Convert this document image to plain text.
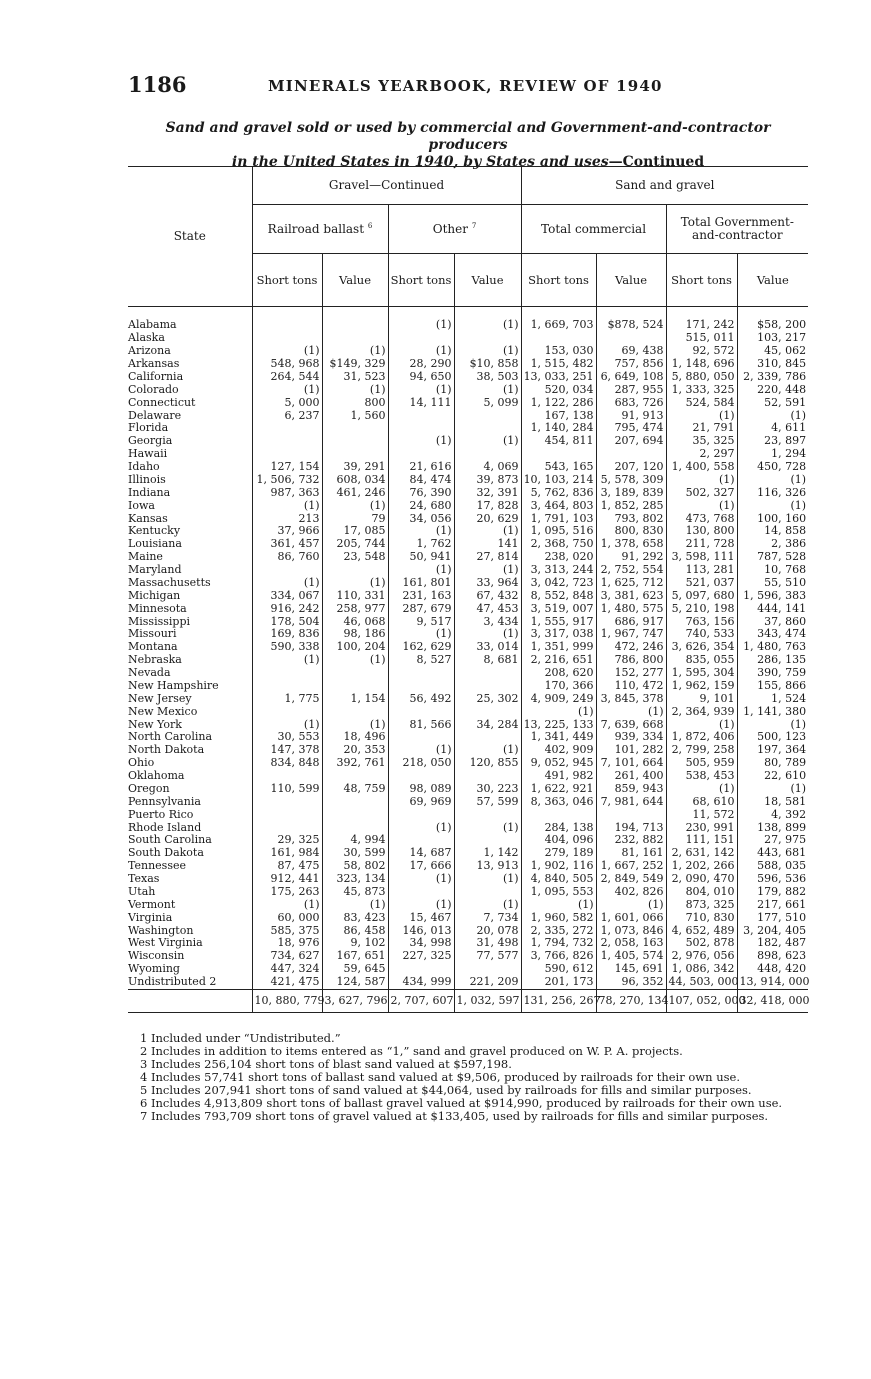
1186	MINERALS YEARBOOK, REVIEW OF 1940
Sand and gravel sold or used by commercial and Government-and-contractor producers
in the United States in 1940, by States and uses—Continued
State	Gravel—Continued				Sand and gravel			
	Railroad ballast $^6$		Other $^7$		Total commercial		Total Government-and-contractor	
	Short tons	Value	Short tons	Value	Short tons	Value	Short tons	Value

Alabama			(1)	(1)	1, 669, 703	$878, 524	171, 242	$58, 200
Alaska							515, 011	103, 217
Arizona	(1)	(1)	(1)	(1)	153, 030	69, 438	92, 572	45, 062
Arkansas	548, 968	$149, 329	28, 290	$10, 858	1, 515, 482	757, 856	1, 148, 696	310, 845
California	264, 544	31, 523	94, 650	38, 503	13, 033, 251	6, 649, 108	5, 880, 050	2, 339, 786
Colorado	(1)	(1)	(1)	(1)	520, 034	287, 955	1, 333, 325	220, 448
Connecticut	5, 000	800	14, 111	5, 099	1, 122, 286	683, 726	524, 584	52, 591
Delaware	6, 237	1, 560			167, 138	91, 913	(1)	(1)
Florida					1, 140, 284	795, 474	21, 791	4, 611
Georgia			(1)	(1)	454, 811	207, 694	35, 325	23, 897
Hawaii							2, 297	1, 294
Idaho	127, 154	39, 291	21, 616	4, 069	543, 165	207, 120	1, 400, 558	450, 728
Illinois	1, 506, 732	608, 034	84, 474	39, 873	10, 103, 214	5, 578, 309	(1)	(1)
Indiana	987, 363	461, 246	76, 390	32, 391	5, 762, 836	3, 189, 839	502, 327	116, 326
Iowa	(1)	(1)	24, 680	17, 828	3, 464, 803	1, 852, 285	(1)	(1)
Kansas	213	79	34, 056	20, 629	1, 791, 103	793, 802	473, 768	100, 160
Kentucky	37, 966	17, 085	(1)	(1)	1, 095, 516	800, 830	130, 800	14, 858
Louisiana	361, 457	205, 744	1, 762	141	2, 368, 750	1, 378, 658	211, 728	2, 386
Maine	86, 760	23, 548	50, 941	27, 814	238, 020	91, 292	3, 598, 111	787, 528
Maryland			(1)	(1)	3, 313, 244	2, 752, 554	113, 281	10, 768
Massachusetts	(1)	(1)	161, 801	33, 964	3, 042, 723	1, 625, 712	521, 037	55, 510
Michigan	334, 067	110, 331	231, 163	67, 432	8, 552, 848	3, 381, 623	5, 097, 680	1, 596, 383
Minnesota	916, 242	258, 977	287, 679	47, 453	3, 519, 007	1, 480, 575	5, 210, 198	444, 141
Mississippi	178, 504	46, 068	9, 517	3, 434	1, 555, 917	686, 917	763, 156	37, 860
Missouri	169, 836	98, 186	(1)	(1)	3, 317, 038	1, 967, 747	740, 533	343, 474
Montana	590, 338	100, 204	162, 629	33, 014	1, 351, 999	472, 246	3, 626, 354	1, 480, 763
Nebraska	(1)	(1)	8, 527	8, 681	2, 216, 651	786, 800	835, 055	286, 135
Nevada					208, 620	152, 277	1, 595, 304	390, 759
New Hampshire					170, 366	110, 472	1, 962, 159	155, 866
New Jersey	1, 775	1, 154	56, 492	25, 302	4, 909, 249	3, 845, 378	9, 101	1, 524
New Mexico					(1)	(1)	2, 364, 939	1, 141, 380
New York	(1)	(1)	81, 566	34, 284	13, 225, 133	7, 639, 668	(1)	(1)
North Carolina	30, 553	18, 496			1, 341, 449	939, 334	1, 872, 406	500, 123
North Dakota	147, 378	20, 353	(1)	(1)	402, 909	101, 282	2, 799, 258	197, 364
Ohio	834, 848	392, 761	218, 050	120, 855	9, 052, 945	7, 101, 664	505, 959	80, 789
Oklahoma					491, 982	261, 400	538, 453	22, 610
Oregon	110, 599	48, 759	98, 089	30, 223	1, 622, 921	859, 943	(1)	(1)
Pennsylvania			69, 969	57, 599	8, 363, 046	7, 981, 644	68, 610	18, 581
Puerto Rico							11, 572	4, 392
Rhode Island			(1)	(1)	284, 138	194, 713	230, 991	138, 899
South Carolina	29, 325	4, 994			404, 096	232, 882	111, 151	27, 975
South Dakota	161, 984	30, 599	14, 687	1, 142	279, 189	81, 161	2, 631, 142	443, 681
Tennessee	87, 475	58, 802	17, 666	13, 913	1, 902, 116	1, 667, 252	1, 202, 266	588, 035
Texas	912, 441	323, 134	(1)	(1)	4, 840, 505	2, 849, 549	2, 090, 470	596, 536
Utah	175, 263	45, 873			1, 095, 553	402, 826	804, 010	179, 882
Vermont	(1)	(1)	(1)	(1)	(1)	(1)	873, 325	217, 661
Virginia	60, 000	83, 423	15, 467	7, 734	1, 960, 582	1, 601, 066	710, 830	177, 510
Washington	585, 375	86, 458	146, 013	20, 078	2, 335, 272	1, 073, 846	4, 652, 489	3, 204, 405
West Virginia	18, 976	9, 102	34, 998	31, 498	1, 794, 732	2, 058, 163	502, 878	182, 487
Wisconsin	734, 627	167, 651	227, 325	77, 577	3, 766, 826	1, 405, 574	2, 976, 056	898, 623
Wyoming	447, 324	59, 645			590, 612	145, 691	1, 086, 342	448, 420
Undistributed 2	421, 475	124, 587	434, 999	221, 209	201, 173	96, 352	44, 503, 000	13, 914, 000
	10, 880, 779	3, 627, 796	2, 707, 607	1, 032, 597	131, 256, 267	78, 270, 134	107, 052, 000	32, 418, 000
1 Included under “Undistributed.”
2 Includes in addition to items entered as “1,” sand and gravel produced on W. P. A. projects.
3 Includes 256,104 short tons of blast sand valued at $597,198.
4 Includes 57,741 short tons of ballast sand valued at $9,506, produced by railroads for their own use.
5 Includes 207,941 short tons of sand valued at $44,064, used by railroads for fills and similar purposes.
6 Includes 4,913,809 short tons of ballast gravel valued at $914,990, produced by railroads for their own use.
7 Includes 793,709 short tons of gravel valued at $133,405, used by railroads for fills and similar purposes.
